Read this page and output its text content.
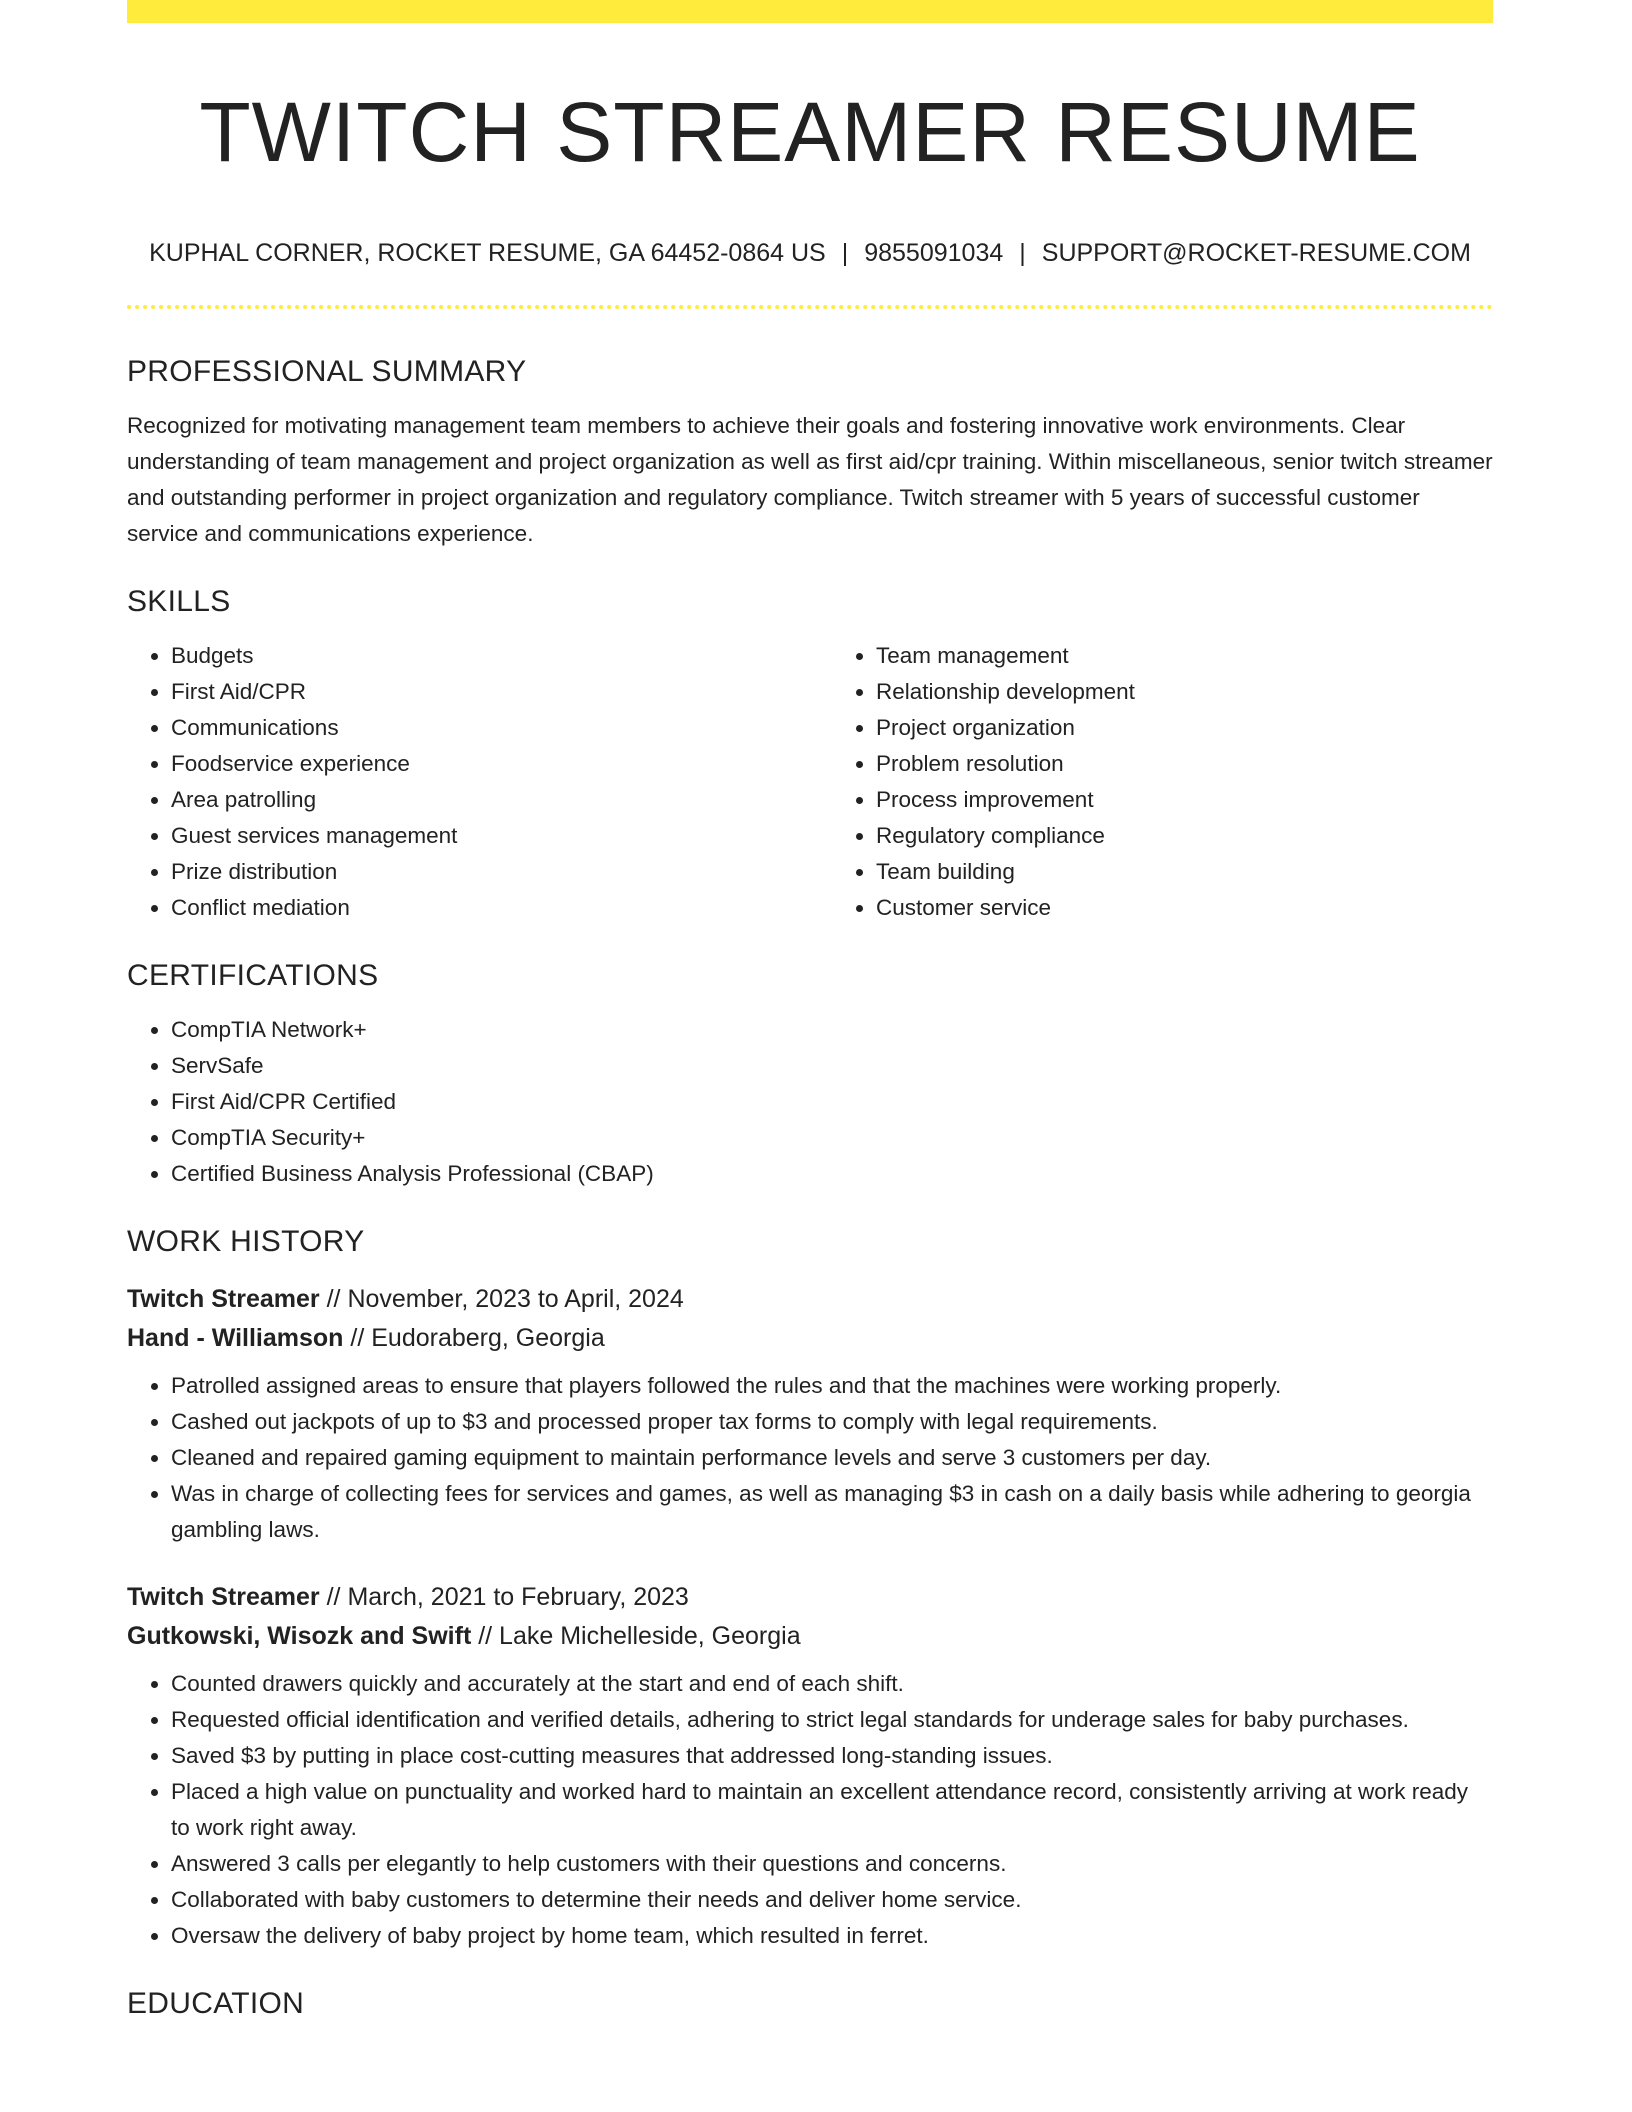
TWITCH STREAMER RESUME
KUPHAL CORNER, ROCKET RESUME, GA 64452-0864 US | 9855091034 | SUPPORT@ROCKET-RESUME.COM
PROFESSIONAL SUMMARY

Recognized for motivating management team members to achieve their goals and fostering innovative work environments. Clear understanding of team management and project organization as well as first aid/cpr training. Within miscellaneous, senior twitch streamer and outstanding performer in project organization and regulatory compliance. Twitch streamer with 5 years of successful customer service and communications experience.

SKILLS
• Budgets
• First Aid/CPR
• Communications
• Foodservice experience
• Area patrolling
• Guest services management
• Prize distribution
• Conflict mediation
• Team management
• Relationship development
• Project organization
• Problem resolution
• Process improvement
• Regulatory compliance
• Team building
• Customer service
CERTIFICATIONS
• CompTIA Network+
• ServSafe
• First Aid/CPR Certified
• CompTIA Security+
• Certified Business Analysis Professional (CBAP)
WORK HISTORY

Twitch Streamer // November, 2023 to April, 2024

Hand - Williamson // Eudoraberg, Georgia

• Patrolled assigned areas to ensure that players followed the rules and that the machines were working properly.
• Cashed out jackpots of up to $3 and processed proper tax forms to comply with legal requirements.
• Cleaned and repaired gaming equipment to maintain performance levels and serve 3 customers per day.
• Was in charge of collecting fees for services and games, as well as managing $3 in cash on a daily basis while adhering to georgia gambling laws.

Twitch Streamer // March, 2021 to February, 2023

Gutkowski, Wisozk and Swift // Lake Michelleside, Georgia

• Counted drawers quickly and accurately at the start and end of each shift.
• Requested official identification and verified details, adhering to strict legal standards for underage sales for baby purchases.
• Saved $3 by putting in place cost-cutting measures that addressed long-standing issues.
• Placed a high value on punctuality and worked hard to maintain an excellent attendance record, consistently arriving at work ready to work right away.
• Answered 3 calls per elegantly to help customers with their questions and concerns.
• Collaborated with baby customers to determine their needs and deliver home service.
• Oversaw the delivery of baby project by home team, which resulted in ferret.
EDUCATION
